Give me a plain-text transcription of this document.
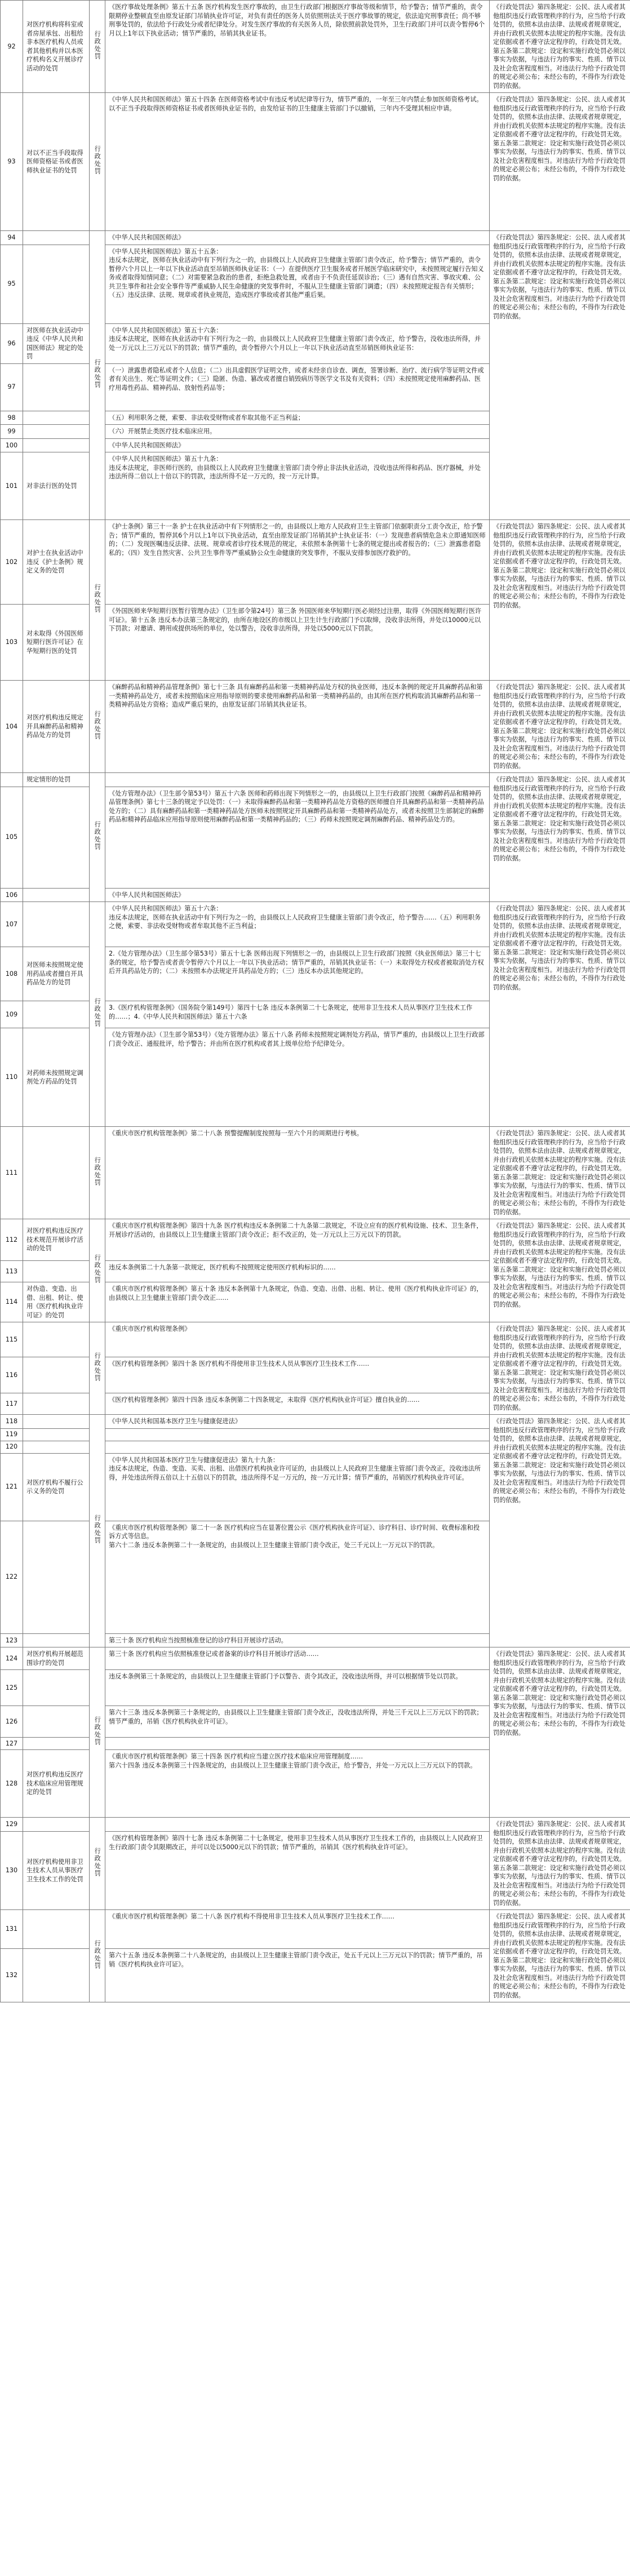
92	对医疗机构将科室或者房屋承包、出租给非本医疗机构人员或者其他机构并以本医疗机构名义开展诊疗活动的处罚	行政处罚	《医疗事故处理条例》第五十五条 医疗机构发生医疗事故的，由卫生行政部门根据医疗事故等级和情节，给予警告；情节严重的，责令限期停业整顿直至由原发证部门吊销执业许可证，对负有责任的医务人员依照刑法关于医疗事故罪的规定，依法追究刑事责任；尚不够刑事处罚的，依法给予行政处分或者纪律处分。对发生医疗事故的有关医务人员，除依照前款处罚外，卫生行政部门并可以责令暂停6个月以上1年以下执业活动；情节严重的，吊销其执业证书。	《行政处罚法》第四条规定：公民、法人或者其他组织违反行政管理秩序的行为，应当给予行政处罚的，依照本法由法律、法规或者规章规定，并由行政机关依照本法规定的程序实施。没有法定依据或者不遵守法定程序的，行政处罚无效。第五条第二款规定：设定和实施行政处罚必须以事实为依据，与违法行为的事实、性质、情节以及社会危害程度相当。对违法行为给予行政处罚的规定必须公布；未经公布的，不得作为行政处罚的依据。

93	对以不正当手段取得医师资格证书或者医师执业证书的处罚	行政处罚	《中华人民共和国医师法》第五十四条 在医师资格考试中有违反考试纪律等行为，情节严重的，一年至三年内禁止参加医师资格考试。以不正当手段取得医师资格证书或者医师执业证书的，由发给证书的卫生健康主管部门予以撤销，三年内不受理其相应申请。	《行政处罚法》第四条规定：公民、法人或者其他组织违反行政管理秩序的行为，应当给予行政处罚的，依照本法由法律、法规或者规章规定，并由行政机关依照本法规定的程序实施。没有法定依据或者不遵守法定程序的，行政处罚无效。第五条第二款规定：设定和实施行政处罚必须以事实为依据，与违法行为的事实、性质、情节以及社会危害程度相当。对违法行为给予行政处罚的规定必须公布；未经公布的，不得作为行政处罚的依据。

94		行政处罚	《中华人民共和国医师法》	《行政处罚法》第四条规定：公民、法人或者其他组织违反行政管理秩序的行为，应当给予行政处罚的，依照本法由法律、法规或者规章规定，并由行政机关依照本法规定的程序实施。没有法定依据或者不遵守法定程序的，行政处罚无效。第五条第二款规定：设定和实施行政处罚必须以事实为依据，与违法行为的事实、性质、情节以及社会危害程度相当。对违法行为给予行政处罚的规定必须公布；未经公布的，不得作为行政处罚的依据。

95			《中华人民共和国医师法》第五十五条：
违反本法规定，医师在执业活动中有下列行为之一的，由县级以上人民政府卫生健康主管部门责令改正，给予警告；情节严重的，责令暂停六个月以上一年以下执业活动直至吊销医师执业证书：（一）在提供医疗卫生服务或者开展医学临床研究中，未按照规定履行告知义务或者取得知情同意；（二）对需要紧急救治的患者，拒绝急救处置，或者由于不负责任延误诊治；（三）遇有自然灾害、事故灾难、公共卫生事件和社会安全事件等严重威胁人民生命健康的突发事件时，不服从卫生健康主管部门调遣；（四）未按照规定报告有关情形；（五）违反法律、法规、规章或者执业规范，造成医疗事故或者其他严重后果。	

96	对医师在执业活动中违反《中华人民共和国医师法》规定的处罚		《中华人民共和国医师法》第五十六条：
违反本法规定，医师在执业活动中有下列行为之一的，由县级以上人民政府卫生健康主管部门责令改正，给予警告，没收违法所得，并处一万元以上三万元以下的罚款；情节严重的，责令暂停六个月以上一年以下执业活动直至吊销医师执业证书：	

97			（一）泄露患者隐私或者个人信息；（二）出具虚假医学证明文件，或者未经亲自诊查、调查，签署诊断、治疗、流行病学等证明文件或者有关出生、死亡等证明文件；（三）隐匿、伪造、篡改或者擅自销毁病历等医学文书及有关资料；（四）未按照规定使用麻醉药品、医疗用毒性药品、精神药品、放射性药品等；	

98			（五）利用职务之便，索要、非法收受财物或者牟取其他不正当利益；	

99			（六）开展禁止类医疗技术临床应用。	

100			《中华人民共和国医师法》	

101	对非法行医的处罚		《中华人民共和国医师法》第五十九条：
违反本法规定，非医师行医的，由县级以上人民政府卫生健康主管部门责令停止非法执业活动，没收违法所得和药品、医疗器械，并处违法所得二倍以上十倍以下的罚款，违法所得不足一万元的，按一万元计算。	

102	对护士在执业活动中违反《护士条例》规定义务的处罚	行政处罚	《护士条例》第三十一条 护士在执业活动中有下列情形之一的，由县级以上地方人民政府卫生主管部门依据职责分工责令改正，给予警告；情节严重的，暂停其6个月以上1年以下执业活动，直至由原发证部门吊销其护士执业证书：（一）发现患者病情危急未立即通知医师的；（二）发现医嘱违反法律、法规、规章或者诊疗技术规范的规定，未依照本条例第十七条的规定提出或者报告的；（三）泄露患者隐私的；（四）发生自然灾害、公共卫生事件等严重威胁公众生命健康的突发事件，不服从安排参加医疗救护的。	《行政处罚法》第四条规定：公民、法人或者其他组织违反行政管理秩序的行为，应当给予行政处罚的，依照本法由法律、法规或者规章规定，并由行政机关依照本法规定的程序实施。没有法定依据或者不遵守法定程序的，行政处罚无效。第五条第二款规定：设定和实施行政处罚必须以事实为依据，与违法行为的事实、性质、情节以及社会危害程度相当。对违法行为给予行政处罚的规定必须公布；未经公布的，不得作为行政处罚的依据。

103	对未取得《外国医师短期行医许可证》在华短期行医的处罚		《外国医师来华短期行医暂行管理办法》（卫生部令第24号）第三条 外国医师来华短期行医必须经过注册，取得《外国医师短期行医许可证》。第十五条 违反本办法第三条规定的，由所在地设区的市级以上卫生计生行政部门予以取缔，没收非法所得，并处以10000元以下罚款；对邀请、聘用或提供场所的单位，处以警告，没收非法所得，并处以5000元以下罚款。	

104	对医疗机构违反规定开具麻醉药品和精神药品处方的处罚	行政处罚	《麻醉药品和精神药品管理条例》第七十三条 具有麻醉药品和第一类精神药品处方权的执业医师，违反本条例的规定开具麻醉药品和第一类精神药品处方，或者未按照临床应用指导原则的要求使用麻醉药品和第一类精神药品的，由其所在医疗机构取消其麻醉药品和第一类精神药品处方资格；造成严重后果的，由原发证部门吊销其执业证书。	《行政处罚法》第四条规定：公民、法人或者其他组织违反行政管理秩序的行为，应当给予行政处罚的，依照本法由法律、法规或者规章规定，并由行政机关依照本法规定的程序实施。没有法定依据或者不遵守法定程序的，行政处罚无效。第五条第二款规定：设定和实施行政处罚必须以事实为依据，与违法行为的事实、性质、情节以及社会危害程度相当。对违法行为给予行政处罚的规定必须公布；未经公布的，不得作为行政处罚的依据。

	规定情形的处罚	行政处罚		《行政处罚法》第四条规定：公民、法人或者其他组织违反行政管理秩序的行为，应当给予行政处罚的，依照本法由法律、法规或者规章规定，并由行政机关依照本法规定的程序实施。没有法定依据或者不遵守法定程序的，行政处罚无效。第五条第二款规定：设定和实施行政处罚必须以事实为依据，与违法行为的事实、性质、情节以及社会危害程度相当。对违法行为给予行政处罚的规定必须公布；未经公布的，不得作为行政处罚的依据。

105			《处方管理办法》（卫生部令第53号）第五十六条 医师和药师出现下列情形之一的，由县级以上卫生行政部门按照《麻醉药品和精神药品管理条例》第七十三条的规定予以处罚：（一）未取得麻醉药品和第一类精神药品处方资格的医师擅自开具麻醉药品和第一类精神药品处方的；（二）具有麻醉药品和第一类精神药品处方医师未按照规定开具麻醉药品和第一类精神药品处方，或者未按照卫生部制定的麻醉药品和精神药品临床应用指导原则使用麻醉药品和第一类精神药品的；（三）药师未按照规定调剂麻醉药品、精神药品处方的。	

106			《中华人民共和国医师法》	

107		行政处罚	《中华人民共和国医师法》第五十六条：
违反本法规定，医师在执业活动中有下列行为之一的，由县级以上人民政府卫生健康主管部门责令改正，给予警告……（五）利用职务之便，索要、非法收受财物或者牟取其他不正当利益；	《行政处罚法》第四条规定：公民、法人或者其他组织违反行政管理秩序的行为，应当给予行政处罚的，依照本法由法律、法规或者规章规定，并由行政机关依照本法规定的程序实施。没有法定依据或者不遵守法定程序的，行政处罚无效。第五条第二款规定：设定和实施行政处罚必须以事实为依据，与违法行为的事实、性质、情节以及社会危害程度相当。对违法行为给予行政处罚的规定必须公布；未经公布的，不得作为行政处罚的依据。

108	对医师未按照规定使用药品或者擅自开具药品处方的处罚		2.《处方管理办法》（卫生部令第53号）第五十七条 医师出现下列情形之一的，由县级以上卫生行政部门按照《执业医师法》第三十七条的规定，给予警告或者责令暂停六个月以上一年以下执业活动；情节严重的，吊销其执业证书：（一）未取得处方权或者被取消处方权后开具药品处方的；（二）未按照本办法规定开具药品处方的；（三）违反本办法其他规定的。	

109			3.《医疗机构管理条例》（国务院令第149号）第四十七条 违反本条例第二十七条规定，使用非卫生技术人员从事医疗卫生技术工作的……；4.《中华人民共和国医师法》第五十六条	

110	对药师未按照规定调剂处方药品的处罚		《处方管理办法》（卫生部令第53号）《处方管理办法》第五十八条 药师未按照规定调剂处方药品，情节严重的，由县级以上卫生行政部门责令改正、通报批评，给予警告；并由所在医疗机构或者其上级单位给予纪律处分。	

111		行政处罚	《重庆市医疗机构管理条例》第二十八条 预警提醒制度按照每一至六个月的周期进行考核。	《行政处罚法》第四条规定：公民、法人或者其他组织违反行政管理秩序的行为，应当给予行政处罚的，依照本法由法律、法规或者规章规定，并由行政机关依照本法规定的程序实施。没有法定依据或者不遵守法定程序的，行政处罚无效。第五条第二款规定：设定和实施行政处罚必须以事实为依据，与违法行为的事实、性质、情节以及社会危害程度相当。对违法行为给予行政处罚的规定必须公布；未经公布的，不得作为行政处罚的依据。

112	对医疗机构违反医疗技术规范开展诊疗活动的处罚	行政处罚	《重庆市医疗机构管理条例》第四十九条 医疗机构违反本条例第二十九条第二款规定，不设立应有的医疗机构设施、技术、卫生条件，开展诊疗活动的，由县级以上卫生健康主管部门责令改正；拒不改正的，处一万元以上三万元以下的罚款。	《行政处罚法》第四条规定：公民、法人或者其他组织违反行政管理秩序的行为，应当给予行政处罚的，依照本法由法律、法规或者规章规定，并由行政机关依照本法规定的程序实施。没有法定依据或者不遵守法定程序的，行政处罚无效。第五条第二款规定：设定和实施行政处罚必须以事实为依据，与违法行为的事实、性质、情节以及社会危害程度相当。对违法行为给予行政处罚的规定必须公布；未经公布的，不得作为行政处罚的依据。

113			违反本条例第二十九条第一款规定，医疗机构不按照规定使用医疗机构标识的……	

114	对伪造、变造、出借、出租、转让、使用《医疗机构执业许可证》的处罚		《重庆市医疗机构管理条例》第五十条 违反本条例第十九条规定，伪造、变造、出借、出租、转让、使用《医疗机构执业许可证》的，由县级以上卫生健康主管部门责令改正……	

115		行政处罚	《重庆市医疗机构管理条例》	《行政处罚法》第四条规定：公民、法人或者其他组织违反行政管理秩序的行为，应当给予行政处罚的，依照本法由法律、法规或者规章规定，并由行政机关依照本法规定的程序实施。没有法定依据或者不遵守法定程序的，行政处罚无效。第五条第二款规定：设定和实施行政处罚必须以事实为依据，与违法行为的事实、性质、情节以及社会危害程度相当。对违法行为给予行政处罚的规定必须公布；未经公布的，不得作为行政处罚的依据。

116			《医疗机构管理条例》第四十条 医疗机构不得使用非卫生技术人员从事医疗卫生技术工作……	

117			《医疗机构管理条例》第四十四条 违反本条例第二十四条规定，未取得《医疗机构执业许可证》擅自执业的……	

118		行政处罚	《中华人民共和国基本医疗卫生与健康促进法》	《行政处罚法》第四条规定：公民、法人或者其他组织违反行政管理秩序的行为，应当给予行政处罚的，依照本法由法律、法规或者规章规定，并由行政机关依照本法规定的程序实施。没有法定依据或者不遵守法定程序的，行政处罚无效。第五条第二款规定：设定和实施行政处罚必须以事实为依据，与违法行为的事实、性质、情节以及社会危害程度相当。对违法行为给予行政处罚的规定必须公布；未经公布的，不得作为行政处罚的依据。

119				

120				

121	对医疗机构不履行公示义务的处罚		《中华人民共和国基本医疗卫生与健康促进法》第九十九条：
违反本法规定，伪造、变造、买卖、出租、出借医疗机构执业许可证的，由县级以上人民政府卫生健康主管部门责令改正，没收违法所得，并处违法所得五倍以上十五倍以下的罚款，违法所得不足一万元的，按一万元计算；情节严重的，吊销医疗机构执业许可证。	

122			《重庆市医疗机构管理条例》第二十一条 医疗机构应当在显著位置公示《医疗机构执业许可证》、诊疗科目、诊疗时间、收费标准和投诉方式等信息。
第六十二条 违反本条例第二十一条规定的，由县级以上卫生健康主管部门责令改正，处三千元以上一万元以下的罚款。	

123			第三十条 医疗机构应当按照核准登记的诊疗科目开展诊疗活动。	

124	对医疗机构开展超范围诊疗的处罚	行政处罚	第三十条 医疗机构应当依照核准登记或者备案的诊疗科目开展诊疗活动……	《行政处罚法》第四条规定：公民、法人或者其他组织违反行政管理秩序的行为，应当给予行政处罚的，依照本法由法律、法规或者规章规定，并由行政机关依照本法规定的程序实施。没有法定依据或者不遵守法定程序的，行政处罚无效。第五条第二款规定：设定和实施行政处罚必须以事实为依据，与违法行为的事实、性质、情节以及社会危害程度相当。对违法行为给予行政处罚的规定必须公布；未经公布的，不得作为行政处罚的依据。

125			违反本条例第三十条规定的，由县级以上卫生健康主管部门予以警告、责令其改正，没收违法所得，并可以根据情节处以罚款。	

126			第六十三条 违反本条例第三十条规定的，由县级以上卫生健康主管部门责令改正，没收违法所得，并处三千元以上三万元以下的罚款；情节严重的，吊销《医疗机构执业许可证》。	

127				

128	对医疗机构违反医疗技术临床应用管理规定的处罚		《重庆市医疗机构管理条例》第三十四条 医疗机构应当建立医疗技术临床应用管理制度……
第六十四条 违反本条例第三十四条规定的，由县级以上卫生健康主管部门责令改正，给予警告，并处一万元以上三万元以下的罚款。	

129		行政处罚		《行政处罚法》第四条规定：公民、法人或者其他组织违反行政管理秩序的行为，应当给予行政处罚的，依照本法由法律、法规或者规章规定，并由行政机关依照本法规定的程序实施。没有法定依据或者不遵守法定程序的，行政处罚无效。第五条第二款规定：设定和实施行政处罚必须以事实为依据，与违法行为的事实、性质、情节以及社会危害程度相当。对违法行为给予行政处罚的规定必须公布；未经公布的，不得作为行政处罚的依据。

130	对医疗机构使用非卫生技术人员从事医疗卫生技术工作的处罚		《医疗机构管理条例》第四十七条 违反本条例第二十七条规定，使用非卫生技术人员从事医疗卫生技术工作的，由县级以上人民政府卫生行政部门责令其限期改正，并可以处以5000元以下的罚款；情节严重的，吊销其《医疗机构执业许可证》。	

131		行政处罚	《重庆市医疗机构管理条例》第二十八条 医疗机构不得使用非卫生技术人员从事医疗卫生技术工作……	《行政处罚法》第四条规定：公民、法人或者其他组织违反行政管理秩序的行为，应当给予行政处罚的，依照本法由法律、法规或者规章规定，并由行政机关依照本法规定的程序实施。没有法定依据或者不遵守法定程序的，行政处罚无效。第五条第二款规定：设定和实施行政处罚必须以事实为依据，与违法行为的事实、性质、情节以及社会危害程度相当。对违法行为给予行政处罚的规定必须公布；未经公布的，不得作为行政处罚的依据。

132			第六十五条 违反本条例第二十八条规定的，由县级以上卫生健康主管部门责令改正，处五千元以上三万元以下的罚款；情节严重的，吊销《医疗机构执业许可证》。	
